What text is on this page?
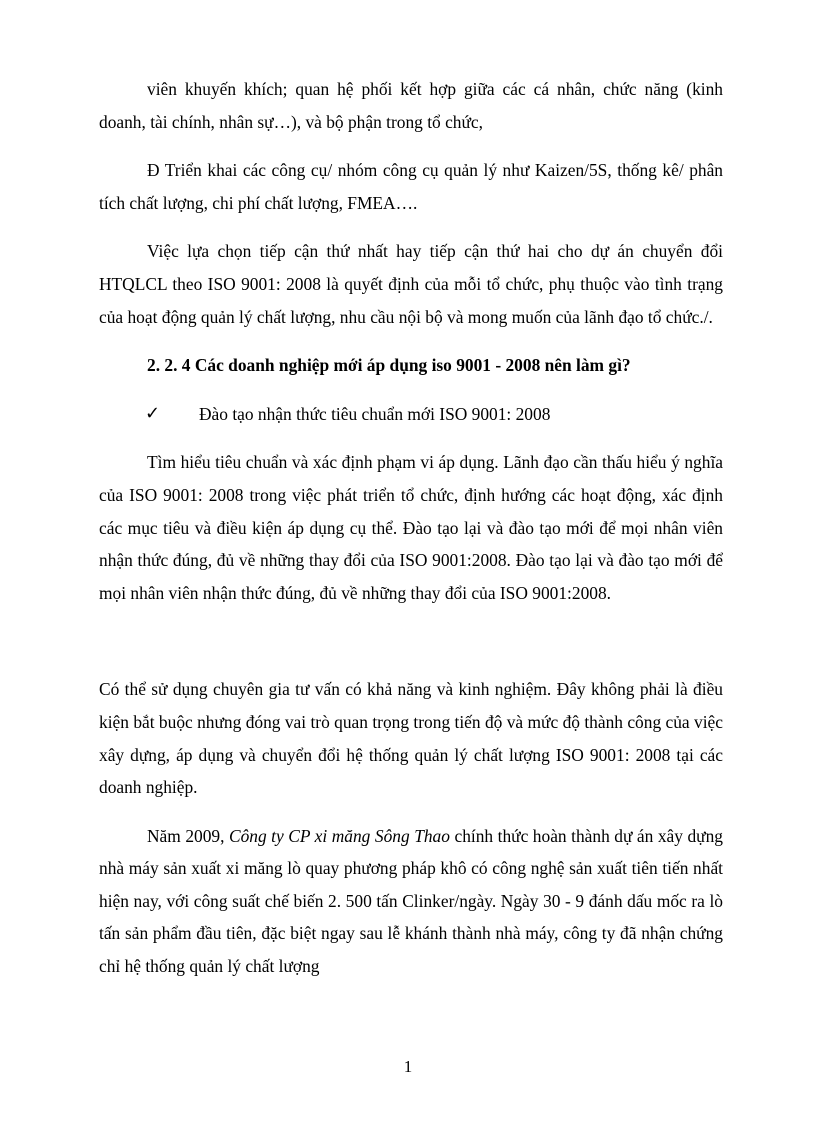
viên khuyến khích; quan hệ phối kết hợp giữa các cá nhân, chức năng (kinh doanh, tài chính, nhân sự…), và bộ phận trong tổ chức,

Đ Triển khai các công cụ/ nhóm công cụ quản lý như Kaizen/5S, thống kê/ phân tích chất lượng, chi phí chất lượng, FMEA….

Việc lựa chọn tiếp cận thứ nhất hay tiếp cận thứ hai cho dự án chuyển đổi HTQLCL theo ISO 9001: 2008 là quyết định của mỗi tổ chức, phụ thuộc vào tình trạng của hoạt động quản lý chất lượng, nhu cầu nội bộ và mong muốn của lãnh đạo tổ chức./.

2. 2. 4 Các doanh nghiệp mới áp dụng iso 9001 - 2008 nên làm gì?

✓ Đào tạo nhận thức tiêu chuẩn mới ISO 9001: 2008

Tìm hiểu tiêu chuẩn và xác định phạm vi áp dụng. Lãnh đạo cần thấu hiểu ý nghĩa của ISO 9001: 2008 trong việc phát triển tổ chức, định hướng các hoạt động, xác định các mục tiêu và điều kiện áp dụng cụ thể. Đào tạo lại và đào tạo mới để mọi nhân viên nhận thức đúng, đủ về những thay đổi của ISO 9001:2008. Đào tạo lại và đào tạo mới để mọi nhân viên nhận thức đúng, đủ về những thay đổi của ISO 9001:2008.

Có thể sử dụng chuyên gia tư vấn có khả năng và kinh nghiệm. Đây không phải là điều kiện bắt buộc nhưng đóng vai trò quan trọng trong tiến độ và mức độ thành công của việc xây dựng, áp dụng và chuyển đổi hệ thống quản lý chất lượng ISO 9001: 2008 tại các doanh nghiệp.

Năm 2009, Công ty CP xi măng Sông Thao chính thức hoàn thành dự án xây dựng nhà máy sản xuất xi măng lò quay phương pháp khô có công nghệ sản xuất tiên tiến nhất hiện nay, với công suất chế biến 2. 500 tấn Clinker/ngày. Ngày 30 - 9 đánh dấu mốc ra lò tấn sản phẩm đầu tiên, đặc biệt ngay sau lễ khánh thành nhà máy, công ty đã nhận chứng chỉ hệ thống quản lý chất lượng

1
